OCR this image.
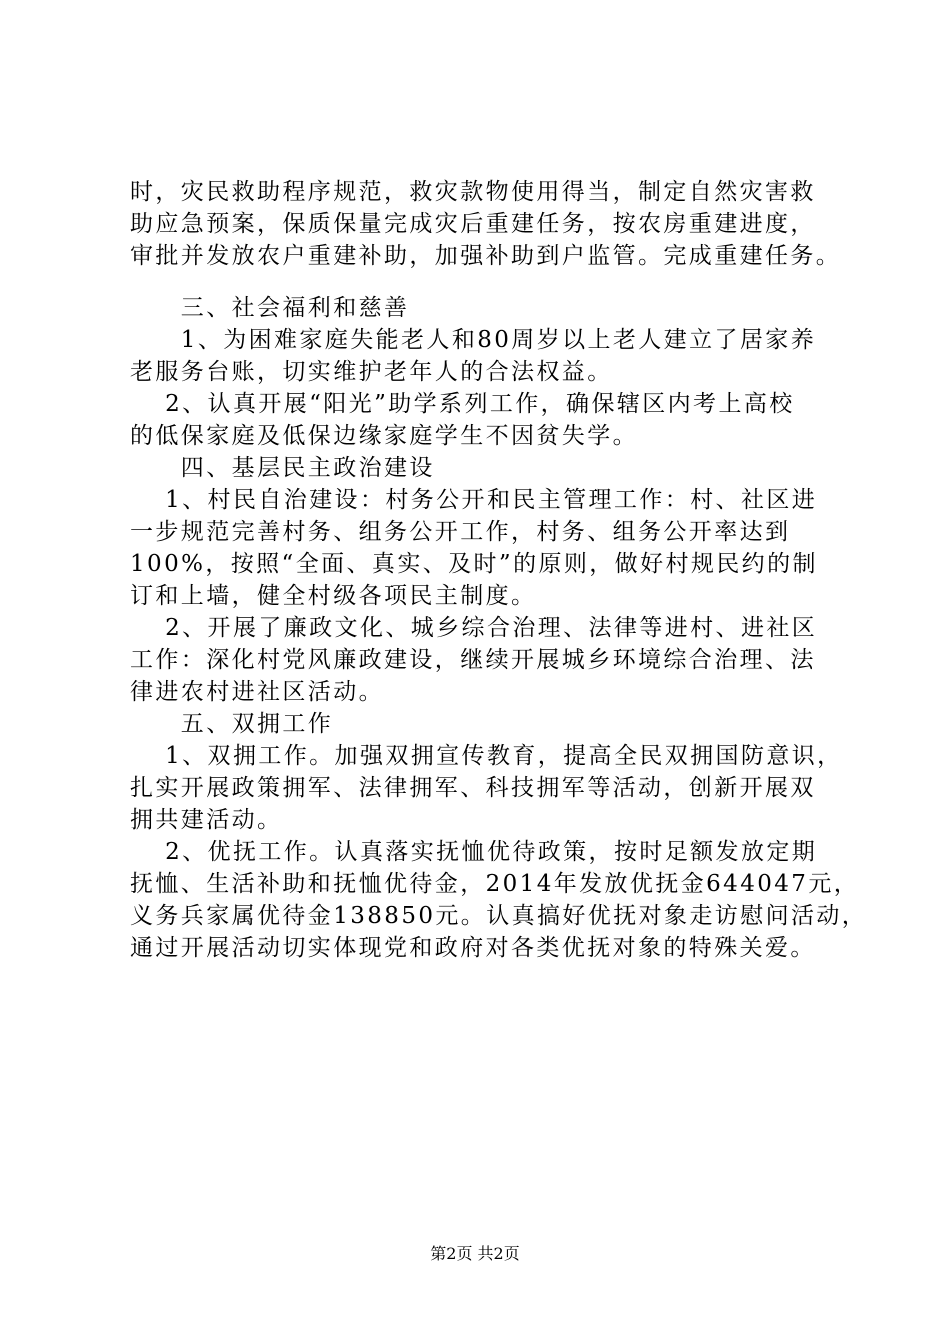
时，灾民救助程序规范，救灾款物使用得当，制定自然灾害救
助应急预案，保质保量完成灾后重建任务，按农房重建进度，
审批并发放农户重建补助，加强补助到户监管。完成重建任务。
　　三、社会福利和慈善
　　1、为困难家庭失能老人和80周岁以上老人建立了居家养
老服务台账，切实维护老年人的合法权益。
　 2、认真开展“阳光”助学系列工作，确保辖区内考上高校
的低保家庭及低保边缘家庭学生不因贫失学。
　　四、基层民主政治建设
　 1、村民自治建设：村务公开和民主管理工作：村、社区进
一步规范完善村务、组务公开工作，村务、组务公开率达到
100%，按照“全面、真实、及时”的原则，做好村规民约的制
订和上墙，健全村级各项民主制度。
　 2、开展了廉政文化、城乡综合治理、法律等进村、进社区
工作：深化村党风廉政建设，继续开展城乡环境综合治理、法
律进农村进社区活动。
　　五、双拥工作
　 1、双拥工作。加强双拥宣传教育，提高全民双拥国防意识，
扎实开展政策拥军、法律拥军、科技拥军等活动，创新开展双
拥共建活动。
　 2、优抚工作。认真落实抚恤优待政策，按时足额发放定期
抚恤、生活补助和抚恤优待金，2014年发放优抚金644047元，
义务兵家属优待金138850元。认真搞好优抚对象走访慰问活动，
通过开展活动切实体现党和政府对各类优抚对象的特殊关爱。
第2页 共2页
